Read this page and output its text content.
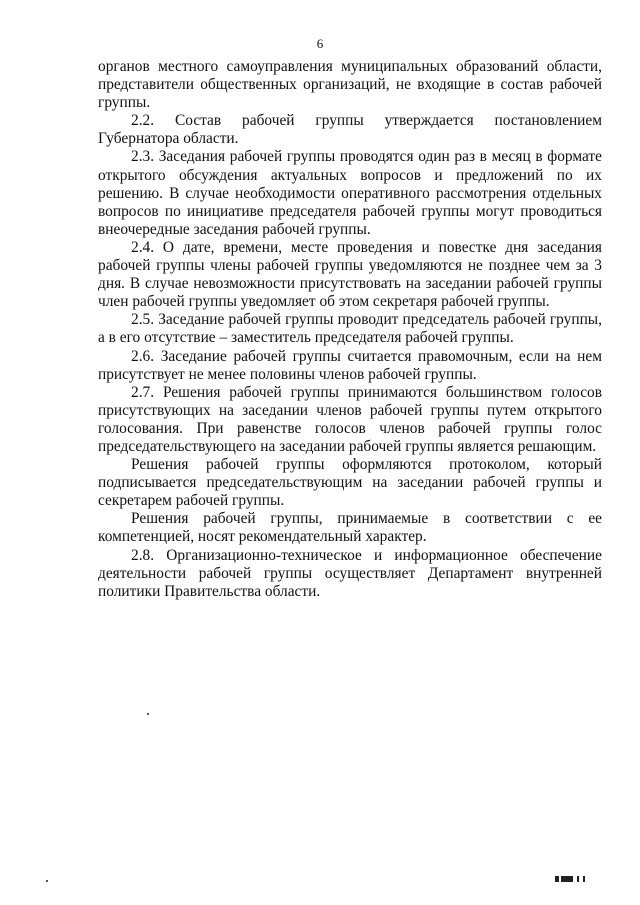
6

органов местного самоуправления муниципальных образований области, представители общественных организаций, не входящие в состав рабочей группы.

2.2. Состав рабочей группы утверждается постановлением Губернатора области.

2.3. Заседания рабочей группы проводятся один раз в месяц в формате открытого обсуждения актуальных вопросов и предложений по их решению. В случае необходимости оперативного рассмотрения отдельных вопросов по инициативе председателя рабочей группы могут проводиться внеочередные заседания рабочей группы.

2.4. О дате, времени, месте проведения и повестке дня заседания рабочей группы члены рабочей группы уведомляются не позднее чем за 3 дня. В случае невозможности присутствовать на заседании рабочей группы член рабочей группы уведомляет об этом секретаря рабочей группы.

2.5. Заседание рабочей группы проводит председатель рабочей группы, а в его отсутствие – заместитель председателя рабочей группы.

2.6. Заседание рабочей группы считается правомочным, если на нем присутствует не менее половины членов рабочей группы.

2.7. Решения рабочей группы принимаются большинством голосов присутствующих на заседании членов рабочей группы путем открытого голосования. При равенстве голосов членов рабочей группы голос председательствующего на заседании рабочей группы является решающим.

Решения рабочей группы оформляются протоколом, который подписывается председательствующим на заседании рабочей группы и секретарем рабочей группы.

Решения рабочей группы, принимаемые в соответствии с ее компетенцией, носят рекомендательный характер.

2.8. Организационно-техническое и информационное обеспечение деятельности рабочей группы осуществляет Департамент внутренней политики Правительства области.
